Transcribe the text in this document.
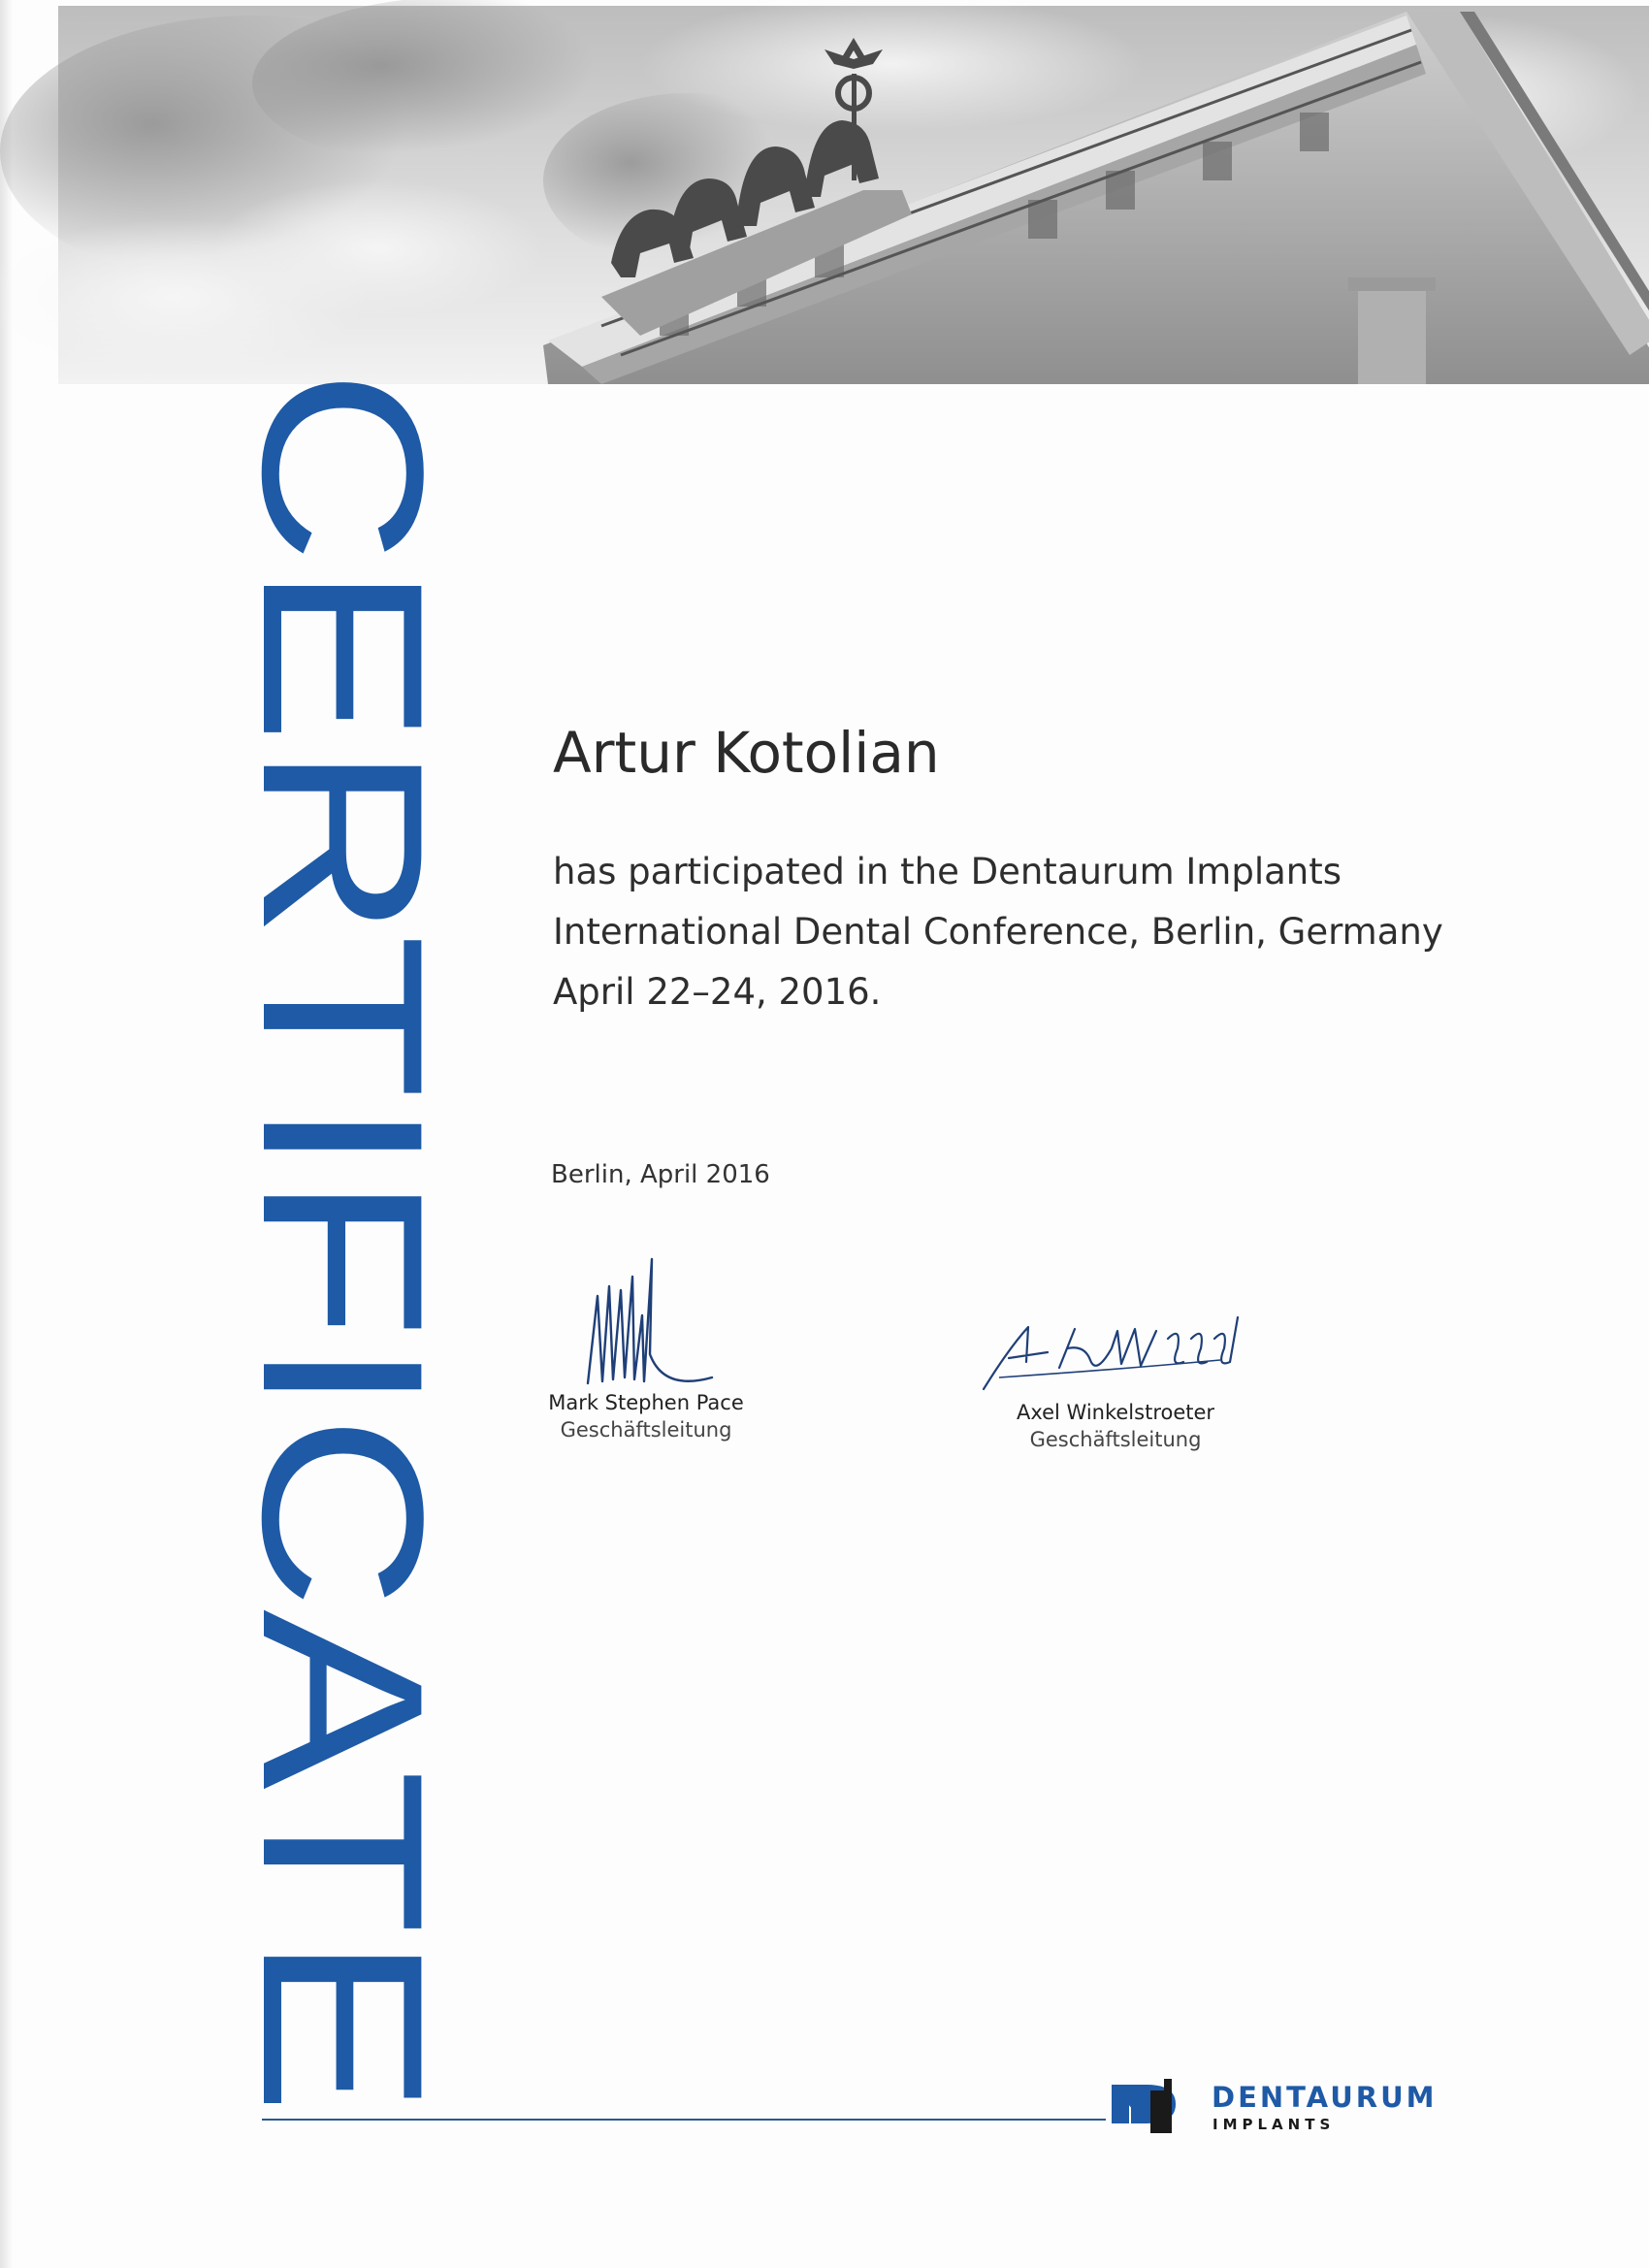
CERTIFICATE Artur Kotolian
has participated in the Dentaurum Implants
International Dental Conference, Berlin, Germany
April 22–24, 2016.
Berlin, April 2016
Mark Stephen Pace
Geschäftsleitung
Axel Winkelstroeter
Geschäftsleitung
DENTAURUM
IMPLANTS
